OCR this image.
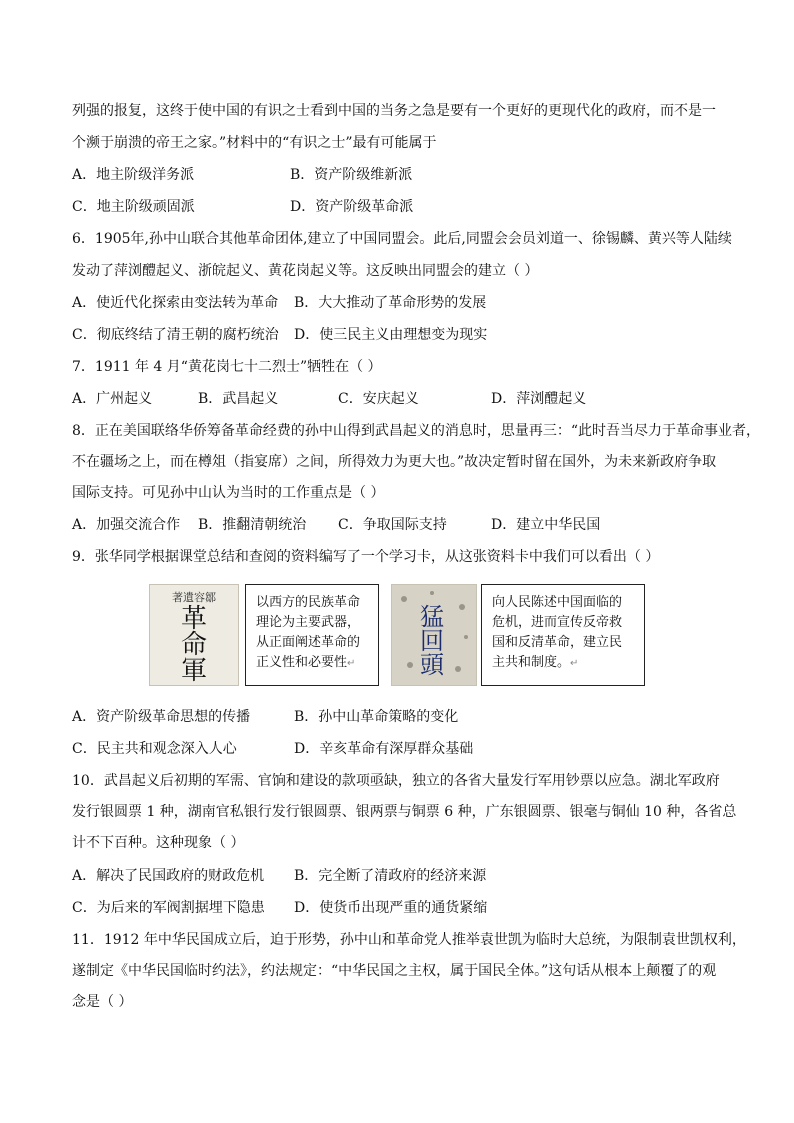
列强的报复，这终于使中国的有识之士看到中国的当务之急是要有一个更好的更现代化的政府，而不是一
个濒于崩溃的帝王之家。”材料中的“有识之士”最有可能属于
A．地主阶级洋务派	B．资产阶级维新派
C．地主阶级顽固派	D．资产阶级革命派
6．1905年,孙中山联合其他革命团体,建立了中国同盟会。此后,同盟会会员刘道一、徐锡麟、黄兴等人陆续
发动了萍浏醴起义、浙皖起义、黄花岗起义等。这反映出同盟会的建立（ ）
A．使近代化探索由变法转为革命 B．大大推动了革命形势的发展
C．彻底终结了清王朝的腐朽统治 D．使三民主义由理想变为现实
7．1911 年 4 月“黄花岗七十二烈士”牺牲在（ ）
A．广州起义	B．武昌起义	C．安庆起义	D．萍浏醴起义
8．正在美国联络华侨筹备革命经费的孙中山得到武昌起义的消息时，思量再三：“此时吾当尽力于革命事业者，
不在疆场之上，而在樽俎（指宴席）之间，所得效力为更大也。”故决定暂时留在国外，为未来新政府争取
国际支持。可见孙中山认为当时的工作重点是（ ）
A．加强交流合作 B．推翻清朝统治 C．争取国际支持	D．建立中华民国
9．张华同学根据课堂总结和查阅的资料编写了一个学习卡，从这张资料卡中我们可以看出（ ）
著遺容鄒
革
命
軍
以西方的民族革命理论为主要武器，从正面阐述革命的正义性和必要性↵
猛
回
頭
向人民陈述中国面临的危机，进而宣传反帝救国和反清革命，建立民主共和制度。↵
A．资产阶级革命思想的传播	B．孙中山革命策略的变化
C．民主共和观念深入人心	D．辛亥革命有深厚群众基础
10．武昌起义后初期的军需、官饷和建设的款项亟缺，独立的各省大量发行军用钞票以应急。湖北军政府
发行银圆票 1 种，湖南官私银行发行银圆票、银两票与铜票 6 种，广东银圆票、银毫与铜仙 10 种，各省总
计不下百种。这种现象（ ）
A．解决了民国政府的财政危机 B．完全断了清政府的经济来源
C．为后来的军阀割据埋下隐患 D．使货币出现严重的通货紧缩
11．1912 年中华民国成立后，迫于形势，孙中山和革命党人推举袁世凯为临时大总统，为限制袁世凯权利，
遂制定《中华民国临时约法》，约法规定：“中华民国之主权，属于国民全体。”这句话从根本上颠覆了的观
念是（ ）
